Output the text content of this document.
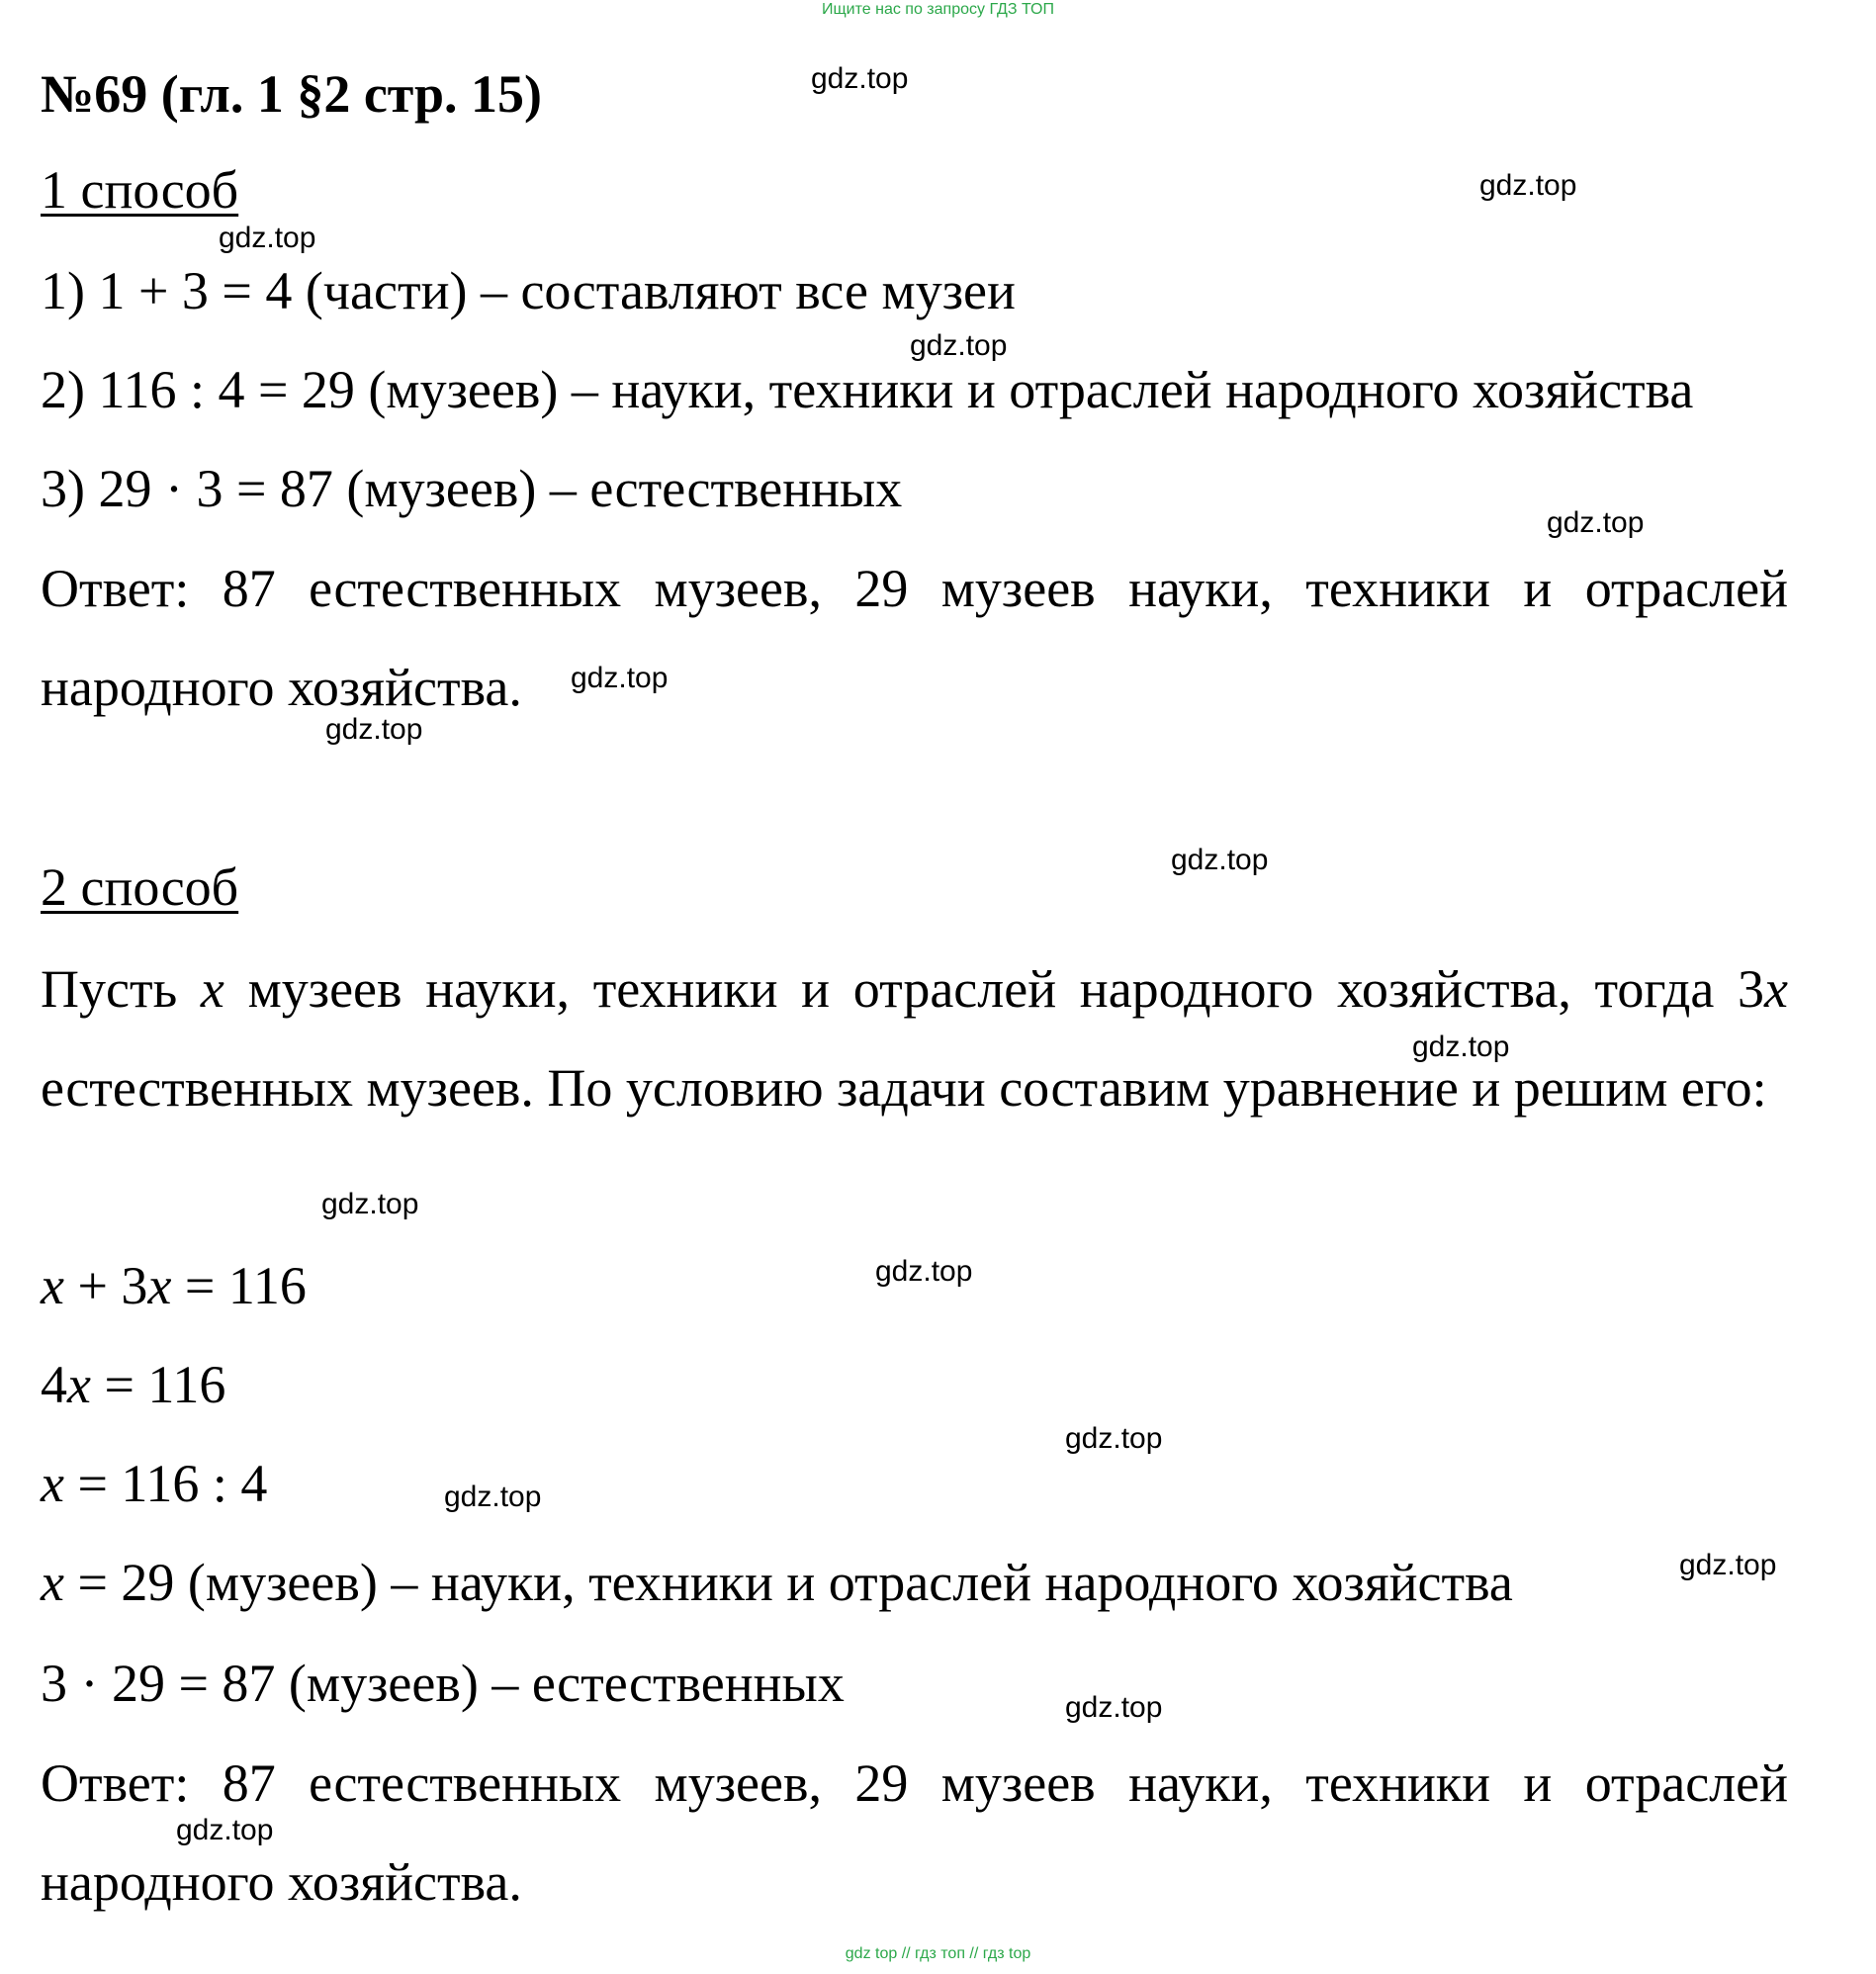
Ищите нас по запросу ГДЗ ТОП
№69 (гл. 1 §2 стр. 15)
1 способ
1) 1 + 3 = 4 (части) – составляют все музеи
2) 116 : 4 = 29 (музеев) – науки, техники и отраслей народного хозяйства
3) 29 · 3 = 87 (музеев) – естественных

Ответ: 87 естественных музеев, 29 музеев науки, техники и отраслей народного хозяйства.

2 способ

Пусть x музеев науки, техники и отраслей народного хозяйства, тогда 3x естественных музеев. По условию задачи составим уравнение и решим его:

x + 3x = 116
4x = 116
x = 116 : 4
x = 29 (музеев) – науки, техники и отраслей народного хозяйства
3 · 29 = 87 (музеев) – естественных

Ответ: 87 естественных музеев, 29 музеев науки, техники и отраслей народного хозяйства.

gdz.top
gdz.top
gdz.top
gdz.top
gdz.top
gdz.top
gdz.top
gdz.top
gdz.top
gdz.top
gdz.top
gdz.top
gdz.top
gdz.top
gdz.top
gdz.top
gdz top // гдз топ // гдз top
